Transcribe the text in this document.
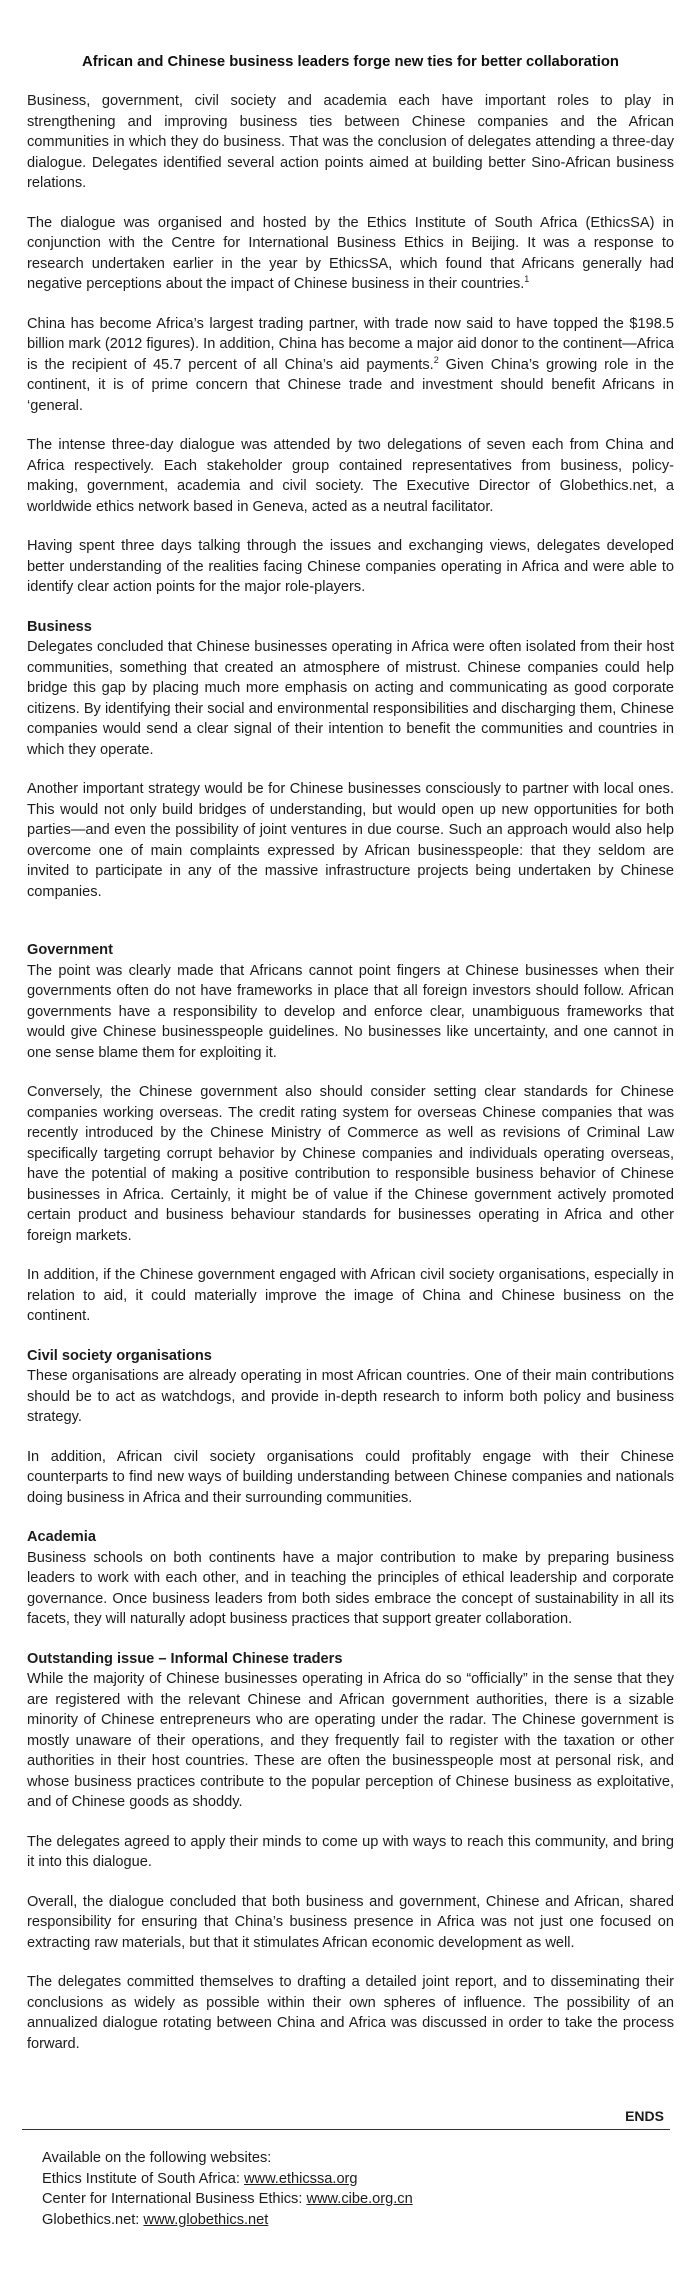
African and Chinese business leaders forge new ties for better collaboration

Business, government, civil society and academia each have important roles to play in strengthening and improving business ties between Chinese companies and the African communities in which they do business. That was the conclusion of delegates attending a three-day dialogue. Delegates identified several action points aimed at building better Sino-African business relations.

The dialogue was organised and hosted by the Ethics Institute of South Africa (EthicsSA) in conjunction with the Centre for International Business Ethics in Beijing. It was a response to research undertaken earlier in the year by EthicsSA, which found that Africans generally had negative perceptions about the impact of Chinese business in their countries.$^1$

China has become Africa’s largest trading partner, with trade now said to have topped the $198.5 billion mark (2012 figures). In addition, China has become a major aid donor to the continent—Africa is the recipient of 45.7 percent of all China’s aid payments.$^2$ Given China’s growing role in the continent, it is of prime concern that Chinese trade and investment should benefit Africans in ‘general.

The intense three-day dialogue was attended by two delegations of seven each from China and Africa respectively. Each stakeholder group contained representatives from business, policy-making, government, academia and civil society. The Executive Director of Globethics.net, a worldwide ethics network based in Geneva, acted as a neutral facilitator.

Having spent three days talking through the issues and exchanging views, delegates developed better understanding of the realities facing Chinese companies operating in Africa and were able to identify clear action points for the major role-players.

Business

Delegates concluded that Chinese businesses operating in Africa were often isolated from their host communities, something that created an atmosphere of mistrust. Chinese companies could help bridge this gap by placing much more emphasis on acting and communicating as good corporate citizens. By identifying their social and environmental responsibilities and discharging them, Chinese companies would send a clear signal of their intention to benefit the communities and countries in which they operate.

Another important strategy would be for Chinese businesses consciously to partner with local ones. This would not only build bridges of understanding, but would open up new opportunities for both parties—and even the possibility of joint ventures in due course. Such an approach would also help overcome one of main complaints expressed by African businesspeople: that they seldom are invited to participate in any of the massive infrastructure projects being undertaken by Chinese companies.

Government

The point was clearly made that Africans cannot point fingers at Chinese businesses when their governments often do not have frameworks in place that all foreign investors should follow. African governments have a responsibility to develop and enforce clear, unambiguous frameworks that would give Chinese businesspeople guidelines. No businesses like uncertainty, and one cannot in one sense blame them for exploiting it.

Conversely, the Chinese government also should consider setting clear standards for Chinese companies working overseas. The credit rating system for overseas Chinese companies that was recently introduced by the Chinese Ministry of Commerce as well as revisions of Criminal Law specifically targeting corrupt behavior by Chinese companies and individuals operating overseas, have the potential of making a positive contribution to responsible business behavior of Chinese businesses in Africa. Certainly, it might be of value if the Chinese government actively promoted certain product and business behaviour standards for businesses operating in Africa and other foreign markets.

In addition, if the Chinese government engaged with African civil society organisations, especially in relation to aid, it could materially improve the image of China and Chinese business on the continent.

Civil society organisations

These organisations are already operating in most African countries. One of their main contributions should be to act as watchdogs, and provide in-depth research to inform both policy and business strategy.

In addition, African civil society organisations could profitably engage with their Chinese counterparts to find new ways of building understanding between Chinese companies and nationals doing business in Africa and their surrounding communities.

Academia

Business schools on both continents have a major contribution to make by preparing business leaders to work with each other, and in teaching the principles of ethical leadership and corporate governance. Once business leaders from both sides embrace the concept of sustainability in all its facets, they will naturally adopt business practices that support greater collaboration.

Outstanding issue – Informal Chinese traders

While the majority of Chinese businesses operating in Africa do so “officially” in the sense that they are registered with the relevant Chinese and African government authorities, there is a sizable minority of Chinese entrepreneurs who are operating under the radar. The Chinese government is mostly unaware of their operations, and they frequently fail to register with the taxation or other authorities in their host countries. These are often the businesspeople most at personal risk, and whose business practices contribute to the popular perception of Chinese business as exploitative, and of Chinese goods as shoddy.

The delegates agreed to apply their minds to come up with ways to reach this community, and bring it into this dialogue.

Overall, the dialogue concluded that both business and government, Chinese and African, shared responsibility for ensuring that China’s business presence in Africa was not just one focused on extracting raw materials, but that it stimulates African economic development as well.

The delegates committed themselves to drafting a detailed joint report, and to disseminating their conclusions as widely as possible within their own spheres of influence. The possibility of an annualized dialogue rotating between China and Africa was discussed in order to take the process forward.

ENDS
Available on the following websites:
Ethics Institute of South Africa: www.ethicssa.org
Center for International Business Ethics: www.cibe.org.cn
Globethics.net: www.globethics.net
